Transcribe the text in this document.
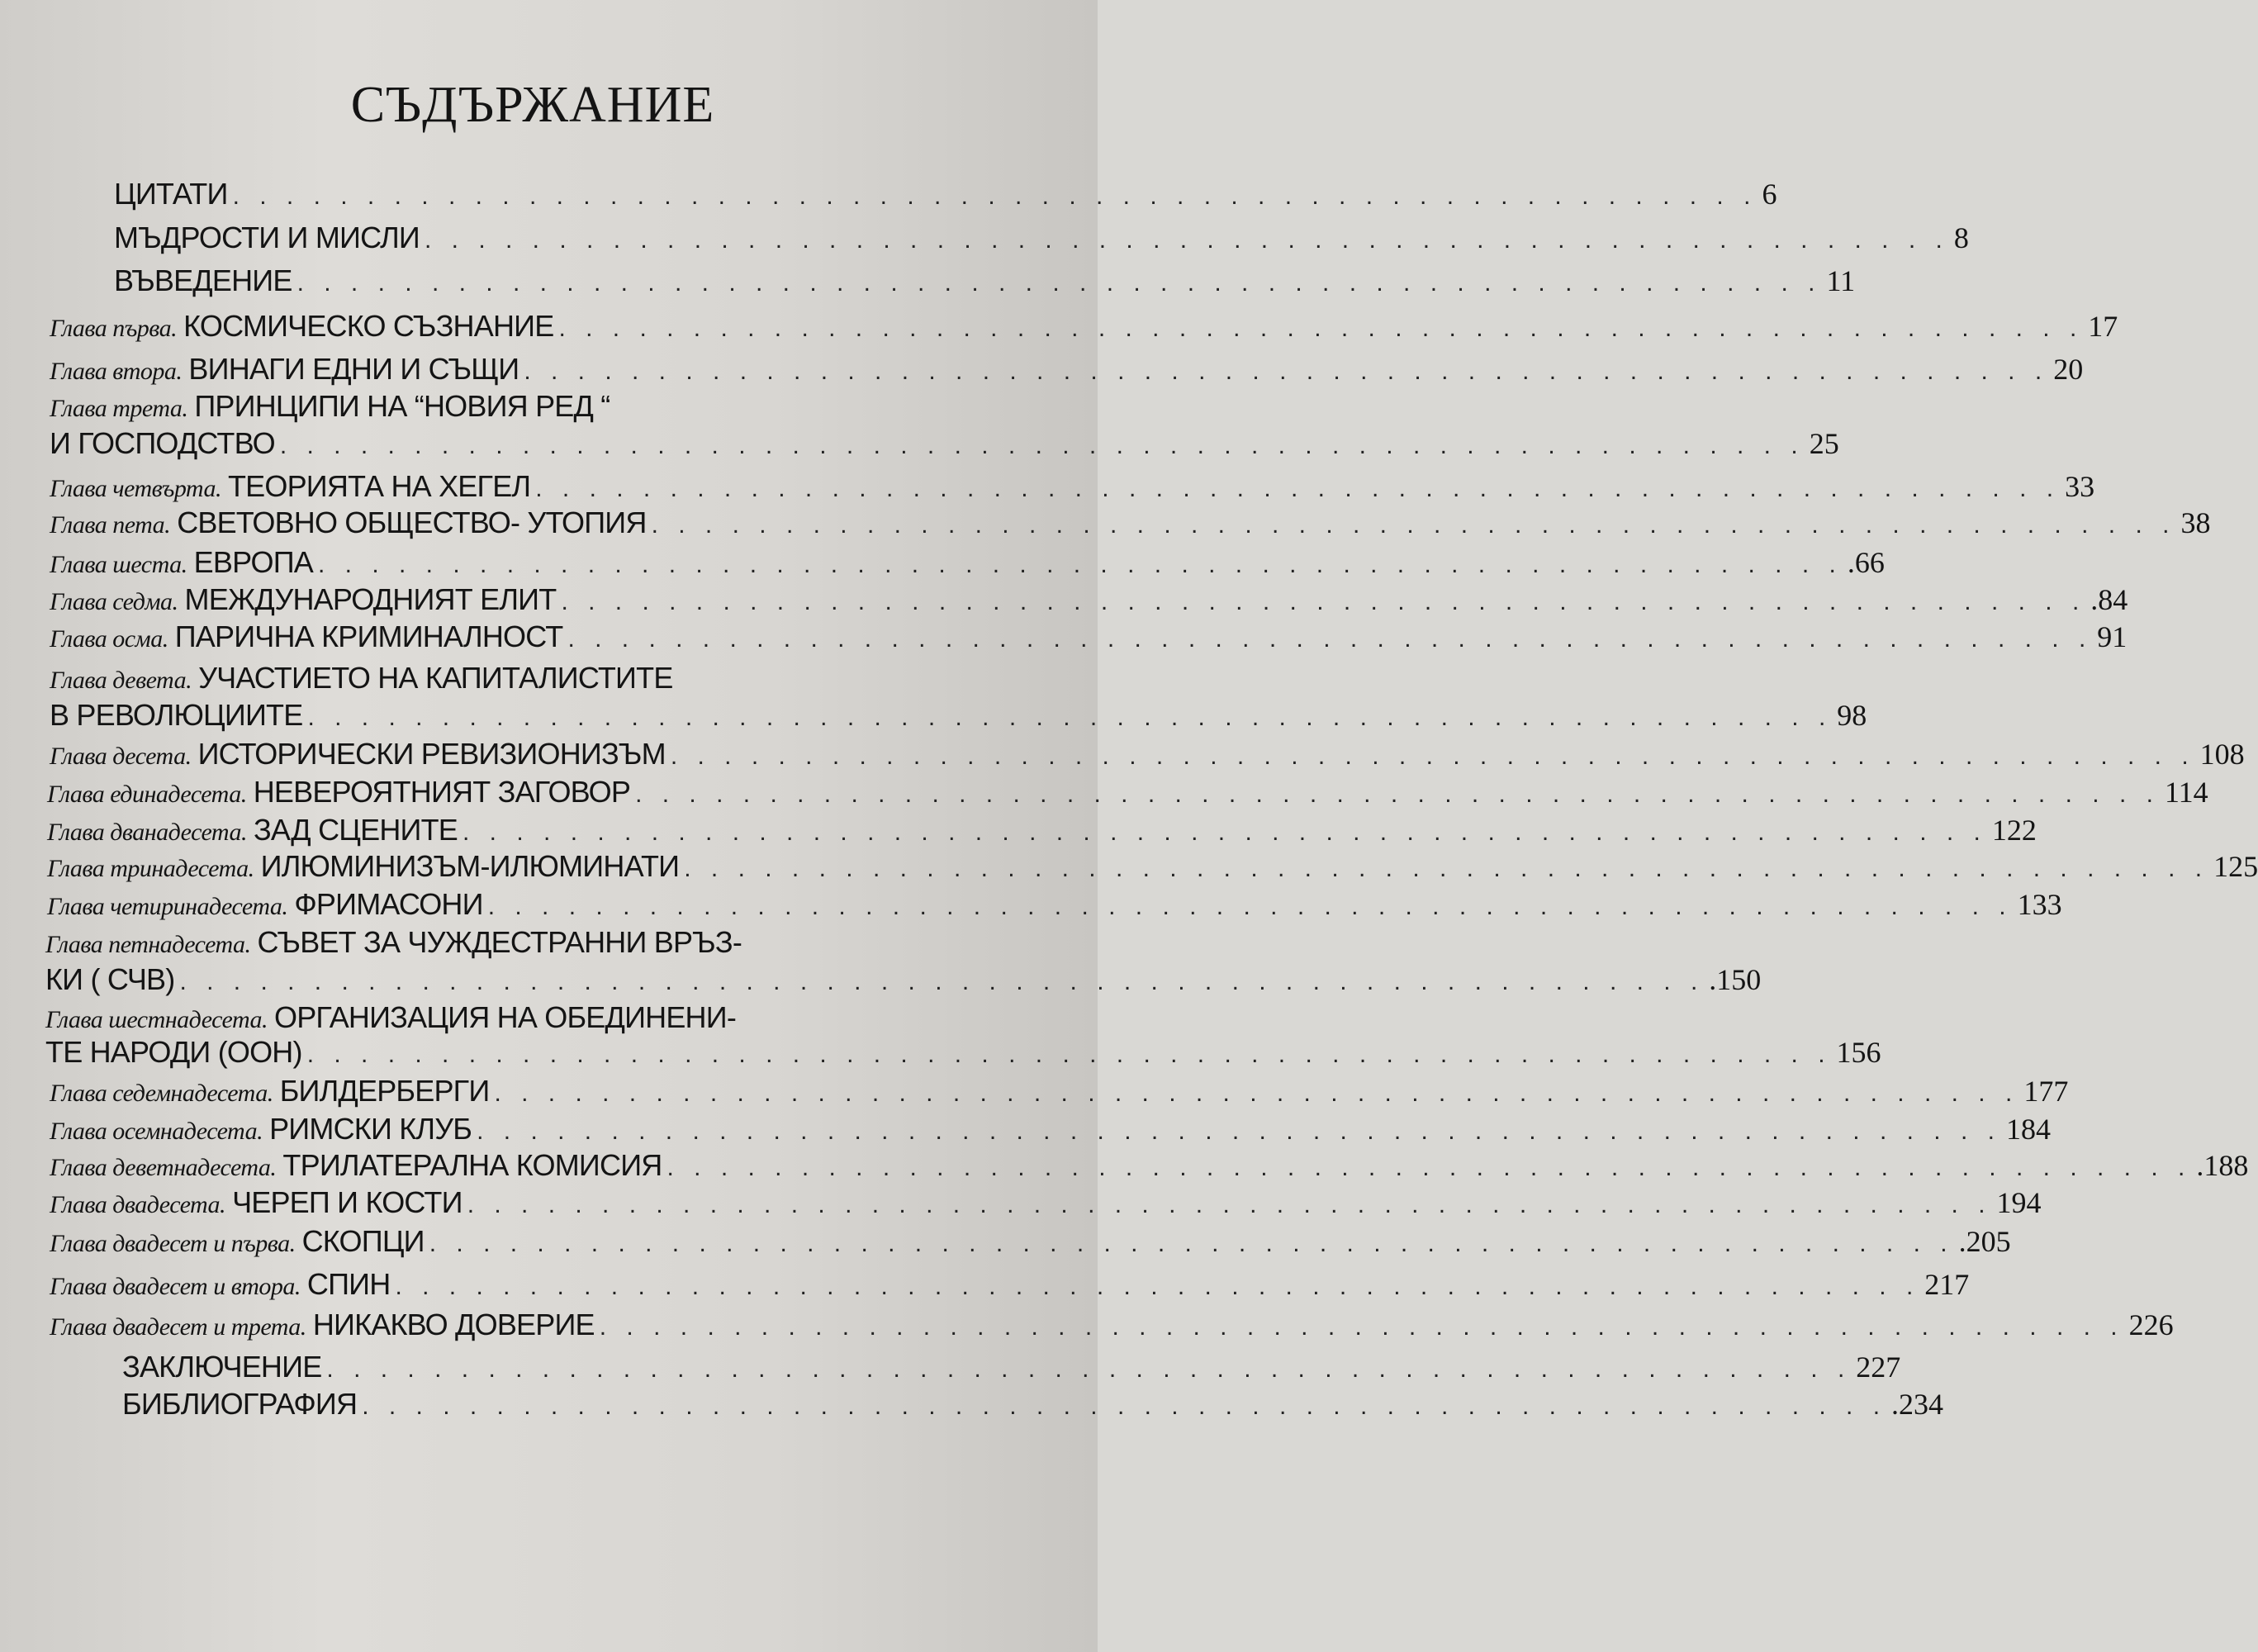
СЪДЪРЖАНИЕ
ЦИТАТИ . . . . . . . . . . . . . . . . . . . . . . . . . . . . . . . . . . . . . . . . . . . . . . . . . . . . . . . . . 6
МЪДРОСТИ И МИСЛИ . . . . . . . . . . . . . . . . . . . . . . . . . . . . . . . . . . . . . . . . . . . . . . . . . . . . . . . . . 8
ВЪВЕДЕНИЕ . . . . . . . . . . . . . . . . . . . . . . . . . . . . . . . . . . . . . . . . . . . . . . . . . . . . . . . . . 11
Глава първа. КОСМИЧЕСКО СЪЗНАНИЕ . . . . . . . . . . . . . . . . . . . . . . . . . . . . . . . . . . . . . . . . . . . . . . . . . . . . . . . . . 17
Глава втора. ВИНАГИ ЕДНИ И СЪЩИ . . . . . . . . . . . . . . . . . . . . . . . . . . . . . . . . . . . . . . . . . . . . . . . . . . . . . . . . . 20
Глава трета. ПРИНЦИПИ НА “НОВИЯ РЕД “
И ГОСПОДСТВО . . . . . . . . . . . . . . . . . . . . . . . . . . . . . . . . . . . . . . . . . . . . . . . . . . . . . . . . . 25
Глава четвърта. ТЕОРИЯТА НА ХЕГЕЛ . . . . . . . . . . . . . . . . . . . . . . . . . . . . . . . . . . . . . . . . . . . . . . . . . . . . . . . . . 33
Глава пета. СВЕТОВНО ОБЩЕСТВО- УТОПИЯ . . . . . . . . . . . . . . . . . . . . . . . . . . . . . . . . . . . . . . . . . . . . . . . . . . . . . . . . . 38
Глава шеста. ЕВРОПА . . . . . . . . . . . . . . . . . . . . . . . . . . . . . . . . . . . . . . . . . . . . . . . . . . . . . . . . . .66
Глава седма. МЕЖДУНАРОДНИЯТ ЕЛИТ . . . . . . . . . . . . . . . . . . . . . . . . . . . . . . . . . . . . . . . . . . . . . . . . . . . . . . . . . .84
Глава осма. ПАРИЧНА КРИМИНАЛНОСТ . . . . . . . . . . . . . . . . . . . . . . . . . . . . . . . . . . . . . . . . . . . . . . . . . . . . . . . . . 91
Глава девета. УЧАСТИЕТО НА КАПИТАЛИСТИТЕ
В РЕВОЛЮЦИИТЕ . . . . . . . . . . . . . . . . . . . . . . . . . . . . . . . . . . . . . . . . . . . . . . . . . . . . . . . . . 98
Глава десета. ИСТОРИЧЕСКИ РЕВИЗИОНИЗЪМ . . . . . . . . . . . . . . . . . . . . . . . . . . . . . . . . . . . . . . . . . . . . . . . . . . . . . . . . . 108
Глава единадесета. НЕВЕРОЯТНИЯТ ЗАГОВОР . . . . . . . . . . . . . . . . . . . . . . . . . . . . . . . . . . . . . . . . . . . . . . . . . . . . . . . . . 114
Глава дванадесета. ЗАД СЦЕНИТЕ . . . . . . . . . . . . . . . . . . . . . . . . . . . . . . . . . . . . . . . . . . . . . . . . . . . . . . . . . 122
Глава тринадесета. ИЛЮМИНИЗЪМ-ИЛЮМИНАТИ . . . . . . . . . . . . . . . . . . . . . . . . . . . . . . . . . . . . . . . . . . . . . . . . . . . . . . . . . 125
Глава четиринадесета. ФРИМАСОНИ . . . . . . . . . . . . . . . . . . . . . . . . . . . . . . . . . . . . . . . . . . . . . . . . . . . . . . . . . 133
Глава петнадесета. СЪВЕТ ЗА ЧУЖДЕСТРАННИ ВРЪЗ-
КИ ( СЧВ) . . . . . . . . . . . . . . . . . . . . . . . . . . . . . . . . . . . . . . . . . . . . . . . . . . . . . . . . . .150
Глава шестнадесета. ОРГАНИЗАЦИЯ НА ОБЕДИНЕНИ-
ТЕ НАРОДИ (ООН) . . . . . . . . . . . . . . . . . . . . . . . . . . . . . . . . . . . . . . . . . . . . . . . . . . . . . . . . . 156
Глава седемнадесета. БИЛДЕРБЕРГИ . . . . . . . . . . . . . . . . . . . . . . . . . . . . . . . . . . . . . . . . . . . . . . . . . . . . . . . . . 177
Глава осемнадесета. РИМСКИ КЛУБ . . . . . . . . . . . . . . . . . . . . . . . . . . . . . . . . . . . . . . . . . . . . . . . . . . . . . . . . . 184
Глава деветнадесета. ТРИЛАТЕРАЛНА КОМИСИЯ . . . . . . . . . . . . . . . . . . . . . . . . . . . . . . . . . . . . . . . . . . . . . . . . . . . . . . . . . .188
Глава двадесета. ЧЕРЕП И КОСТИ . . . . . . . . . . . . . . . . . . . . . . . . . . . . . . . . . . . . . . . . . . . . . . . . . . . . . . . . . 194
Глава двадесет и първа. СКОПЦИ . . . . . . . . . . . . . . . . . . . . . . . . . . . . . . . . . . . . . . . . . . . . . . . . . . . . . . . . . .205
Глава двадесет и втора. СПИН . . . . . . . . . . . . . . . . . . . . . . . . . . . . . . . . . . . . . . . . . . . . . . . . . . . . . . . . . 217
Глава двадесет и трета. НИКАКВО ДОВЕРИЕ . . . . . . . . . . . . . . . . . . . . . . . . . . . . . . . . . . . . . . . . . . . . . . . . . . . . . . . . . 226
ЗАКЛЮЧЕНИЕ . . . . . . . . . . . . . . . . . . . . . . . . . . . . . . . . . . . . . . . . . . . . . . . . . . . . . . . . . 227
БИБЛИОГРАФИЯ . . . . . . . . . . . . . . . . . . . . . . . . . . . . . . . . . . . . . . . . . . . . . . . . . . . . . . . . . .234
